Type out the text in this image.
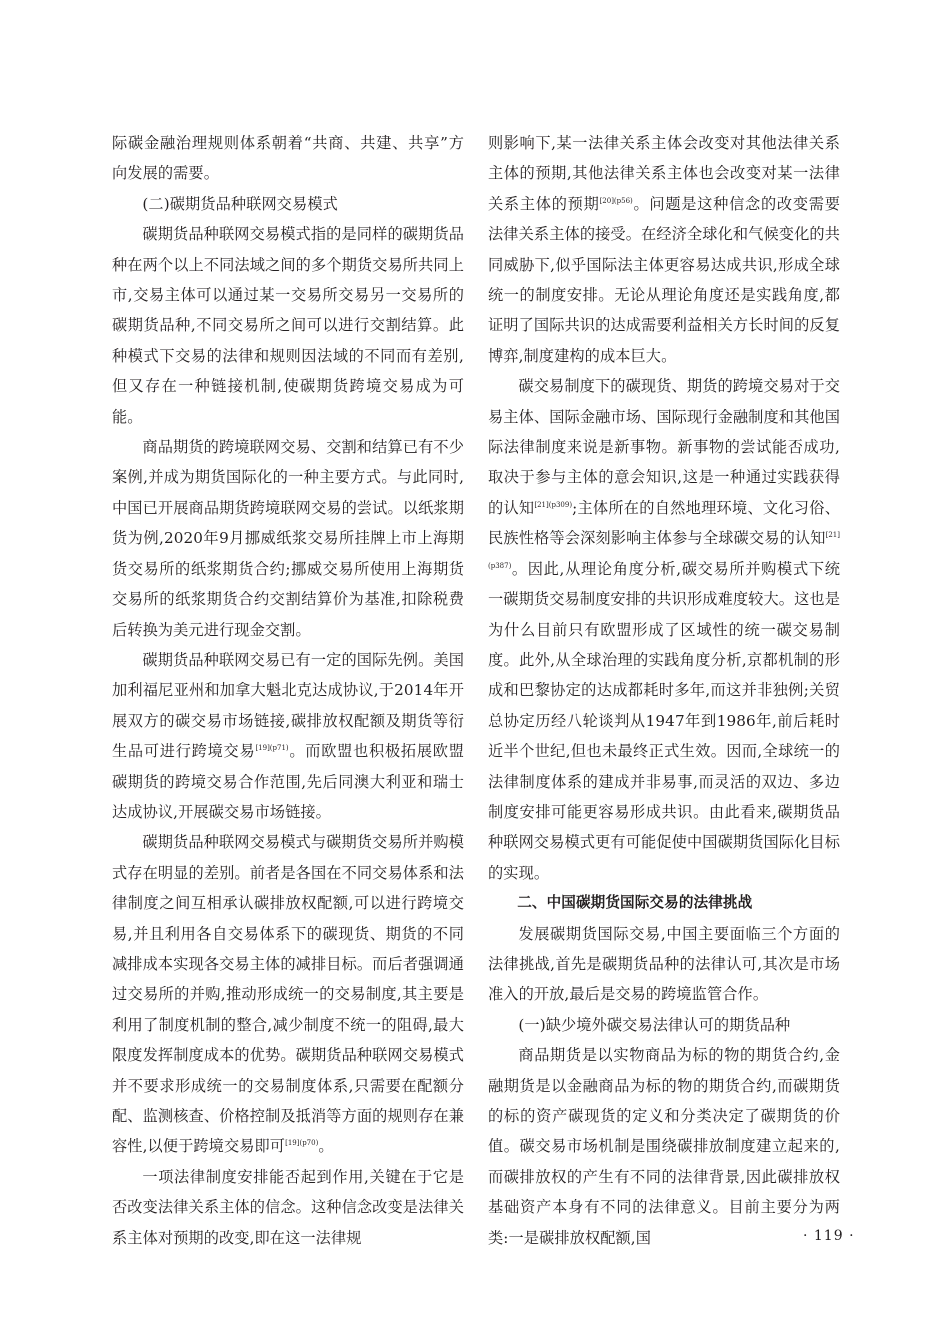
际碳金融治理规则体系朝着“共商、共建、共享”方向发展的需要。

(二)碳期货品种联网交易模式

碳期货品种联网交易模式指的是同样的碳期货品种在两个以上不同法域之间的多个期货交易所共同上市,交易主体可以通过某一交易所交易另一交易所的碳期货品种,不同交易所之间可以进行交割结算。此种模式下交易的法律和规则因法域的不同而有差别,但又存在一种链接机制,使碳期货跨境交易成为可能。

商品期货的跨境联网交易、交割和结算已有不少案例,并成为期货国际化的一种主要方式。与此同时,中国已开展商品期货跨境联网交易的尝试。以纸浆期货为例,2020年9月挪威纸浆交易所挂牌上市上海期货交易所的纸浆期货合约;挪威交易所使用上海期货交易所的纸浆期货合约交割结算价为基准,扣除税费后转换为美元进行现金交割。

碳期货品种联网交易已有一定的国际先例。美国加利福尼亚州和加拿大魁北克达成协议,于2014年开展双方的碳交易市场链接,碳排放权配额及期货等衍生品可进行跨境交易$^{[19](p71)}$。而欧盟也积极拓展欧盟碳期货的跨境交易合作范围,先后同澳大利亚和瑞士达成协议,开展碳交易市场链接。

碳期货品种联网交易模式与碳期货交易所并购模式存在明显的差别。前者是各国在不同交易体系和法律制度之间互相承认碳排放权配额,可以进行跨境交易,并且利用各自交易体系下的碳现货、期货的不同减排成本实现各交易主体的减排目标。而后者强调通过交易所的并购,推动形成统一的交易制度,其主要是利用了制度机制的整合,减少制度不统一的阻碍,最大限度发挥制度成本的优势。碳期货品种联网交易模式并不要求形成统一的交易制度体系,只需要在配额分配、监测核查、价格控制及抵消等方面的规则存在兼容性,以便于跨境交易即可$^{[19](p70)}$。

一项法律制度安排能否起到作用,关键在于它是否改变法律关系主体的信念。这种信念改变是法律关系主体对预期的改变,即在这一法律规

则影响下,某一法律关系主体会改变对其他法律关系主体的预期,其他法律关系主体也会改变对某一法律关系主体的预期$^{[20](p56)}$。问题是这种信念的改变需要法律关系主体的接受。在经济全球化和气候变化的共同威胁下,似乎国际法主体更容易达成共识,形成全球统一的制度安排。无论从理论角度还是实践角度,都证明了国际共识的达成需要利益相关方长时间的反复博弈,制度建构的成本巨大。

碳交易制度下的碳现货、期货的跨境交易对于交易主体、国际金融市场、国际现行金融制度和其他国际法律制度来说是新事物。新事物的尝试能否成功,取决于参与主体的意会知识,这是一种通过实践获得的认知$^{[21](p309)}$;主体所在的自然地理环境、文化习俗、民族性格等会深刻影响主体参与全球碳交易的认知$^{[21](p387)}$。因此,从理论角度分析,碳交易所并购模式下统一碳期货交易制度安排的共识形成难度较大。这也是为什么目前只有欧盟形成了区域性的统一碳交易制度。此外,从全球治理的实践角度分析,京都机制的形成和巴黎协定的达成都耗时多年,而这并非独例;关贸总协定历经八轮谈判从1947年到1986年,前后耗时近半个世纪,但也未最终正式生效。因而,全球统一的法律制度体系的建成并非易事,而灵活的双边、多边制度安排可能更容易形成共识。由此看来,碳期货品种联网交易模式更有可能促使中国碳期货国际化目标的实现。

二、中国碳期货国际交易的法律挑战

发展碳期货国际交易,中国主要面临三个方面的法律挑战,首先是碳期货品种的法律认可,其次是市场准入的开放,最后是交易的跨境监管合作。

(一)缺少境外碳交易法律认可的期货品种

商品期货是以实物商品为标的物的期货合约,金融期货是以金融商品为标的物的期货合约,而碳期货的标的资产碳现货的定义和分类决定了碳期货的价值。碳交易市场机制是围绕碳排放制度建立起来的,而碳排放权的产生有不同的法律背景,因此碳排放权基础资产本身有不同的法律意义。目前主要分为两类:一是碳排放权配额,国	· 119 ·
